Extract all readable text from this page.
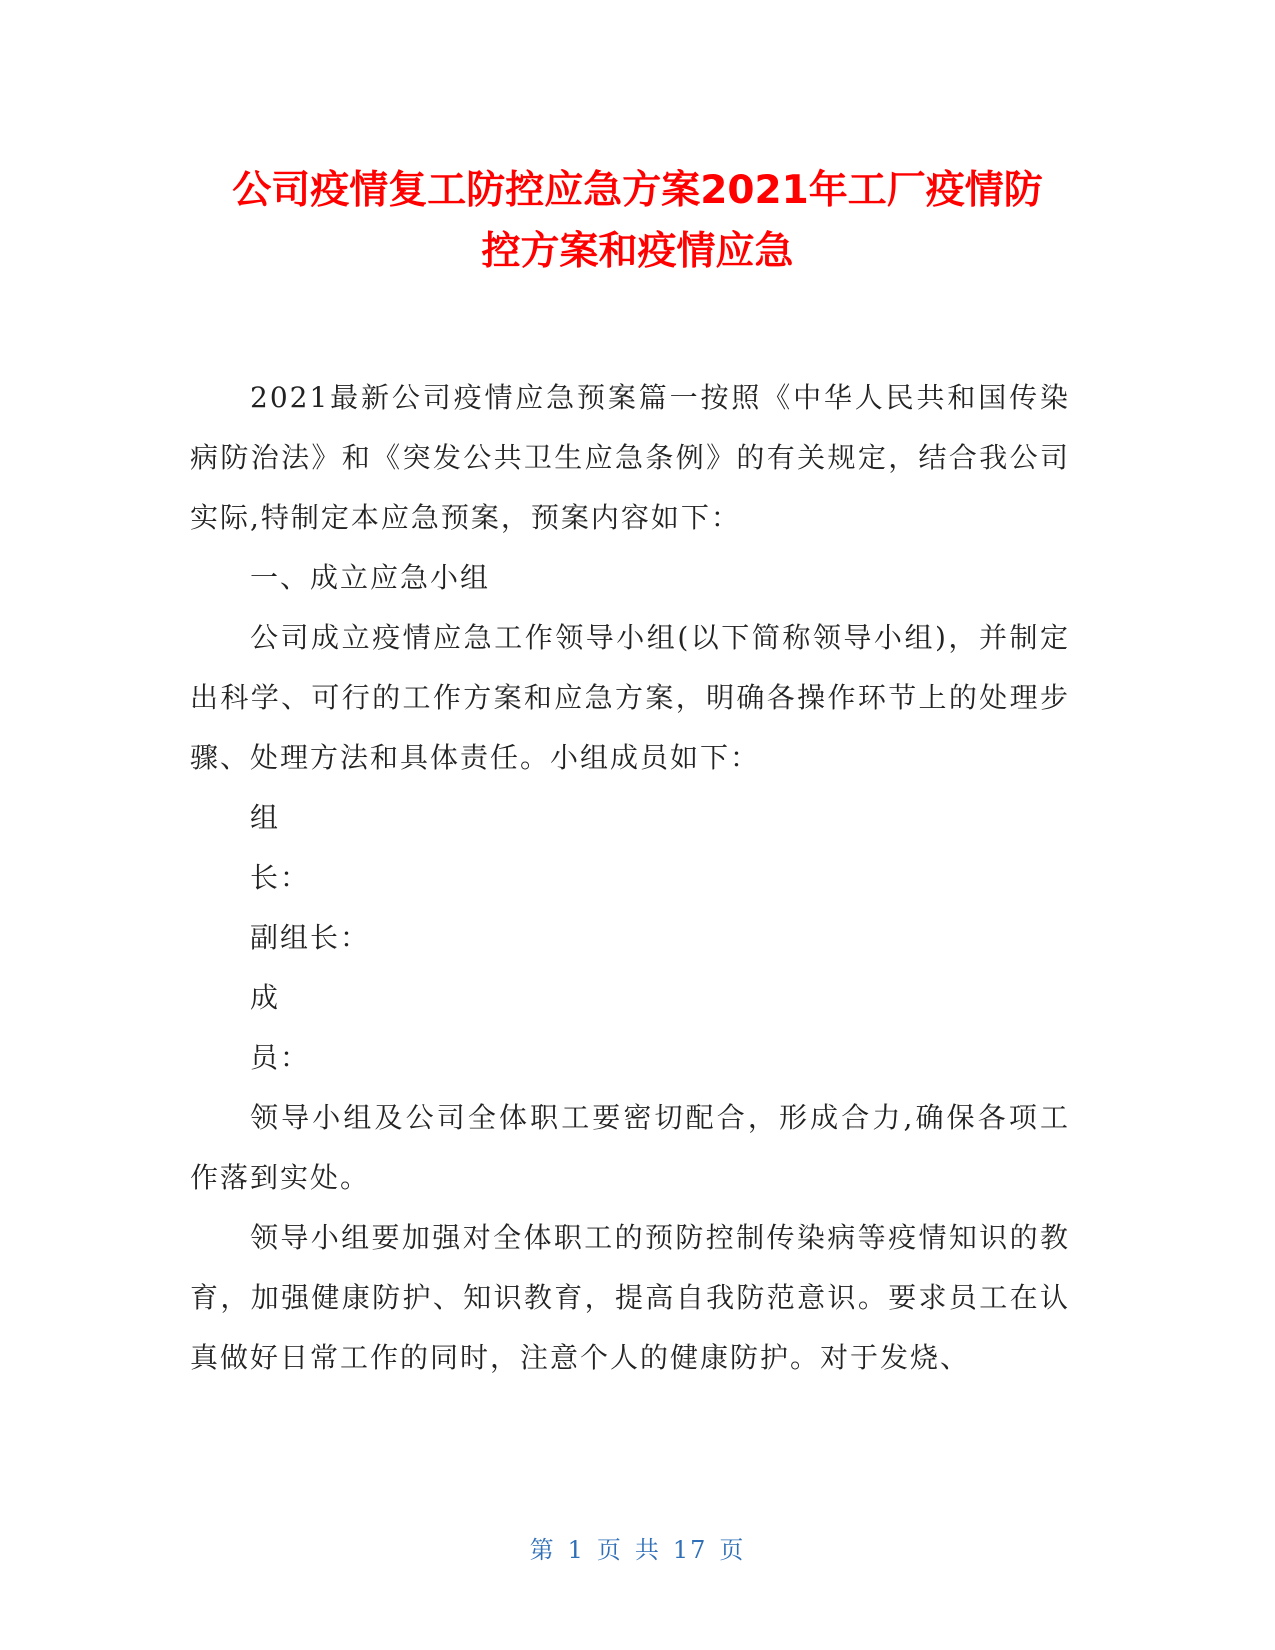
公司疫情复工防控应急方案2021年工厂疫情防
控方案和疫情应急

2021最新公司疫情应急预案篇一按照《中华人民共和国传染病防治法》和《突发公共卫生应急条例》的有关规定，结合我公司实际,特制定本应急预案，预案内容如下：

一、成立应急小组

公司成立疫情应急工作领导小组(以下简称领导小组)，并制定出科学、可行的工作方案和应急方案，明确各操作环节上的处理步骤、处理方法和具体责任。小组成员如下：

组

长：

副组长：

成

员：

领导小组及公司全体职工要密切配合，形成合力,确保各项工作落到实处。

领导小组要加强对全体职工的预防控制传染病等疫情知识的教育，加强健康防护、知识教育，提高自我防范意识。要求员工在认真做好日常工作的同时，注意个人的健康防护。对于发烧、

第 1 页 共 17 页
